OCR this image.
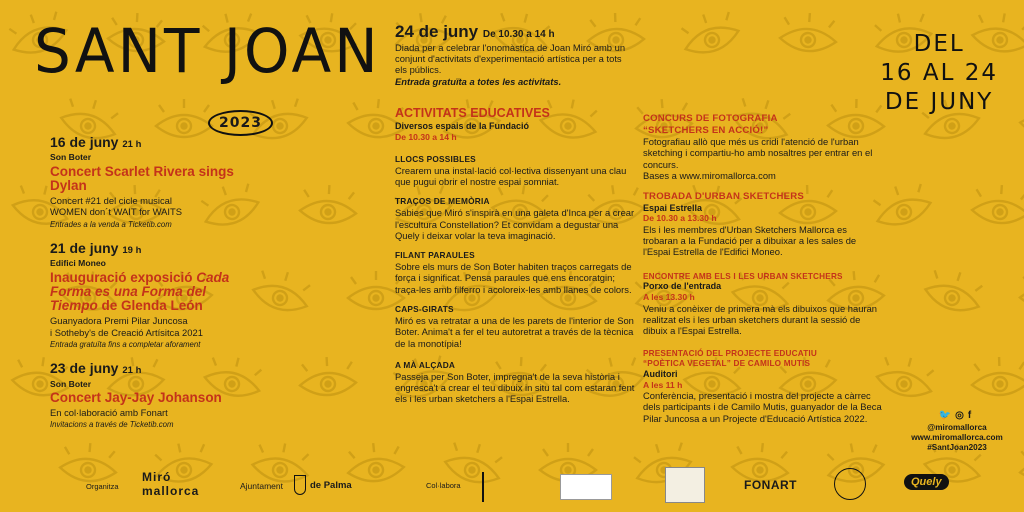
SANT JOAN
2023
DEL
16 AL 24
DE JUNY
16 de juny 21 h
Son Boter
Concert Scarlet Rivera sings Dylan

Concert #21 del cicle musical

WOMEN don´t WAIT for WAITS

Entrades a la venda a Ticketib.com
21 de juny 19 h
Edifici Moneo
Inauguració exposició Cada Forma es una Forma del Tiempo de Glenda León

Guanyadora Premi Pilar Juncosa

i Sotheby's de Creació Artísitca 2021

Entrada gratuïta fins a completar aforament
23 de juny 21 h
Son Boter
Concert Jay-Jay Johanson

En col·laboració amb Fonart

Invitacions a través de Ticketib.com
24 de juny De 10.30 a 14 h

Diada per a celebrar l'onomàstica de Joan Miró amb un conjunt d'activitats d'experimentació artística per a tots els públics.

Entrada gratuïta a totes les activitats.

ACTIVITATS EDUCATIVES
Diversos espais de la Fundació
De 10.30 a 14 h
LLOCS POSSIBLES

Crearem una instal·lació col·lectiva dissenyant una clau que pugui obrir el nostre espai somniat.

TRAÇOS DE MEMÒRIA

Sabies que Miró s'inspirà en una galeta d'Inca per a crear l'escultura Constellation? Et convidam a degustar una Quely i deixar volar la teva imaginació.

FILANT PARAULES

Sobre els murs de Son Boter habiten traços carregats de força i significat. Pensa paraules que ens encoratgin; traça-les amb filferro i acoloreix-les amb llanes de colors.

CAPS-GIRATS

Miró es va retratar a una de les parets de l'interior de Son Boter. Anima't a fer el teu autoretrat a través de la tècnica de la monotípia!

A MÀ ALÇADA

Passeja per Son Boter, impregna't de la seva història i engresca't a crear el teu dibuix in situ tal com estaran fent els i les urban sketchers a l'Espai Estrella.

CONCURS DE FOTOGRAFIA
“SKETCHERS EN ACCIÓ!”

Fotografiau allò que més us cridi l'atenció de l'urban sketching i compartiu-ho amb nosaltres per entrar en el concurs.

Bases a www.miromallorca.com

TROBADA D'URBAN SKETCHERS
Espai Estrella
De 10.30 a 13.30 h

Els i les membres d'Urban Sketchers Mallorca es trobaran a la Fundació per a dibuixar a les sales de l'Espai Estrella de l'Edifici Moneo.

ENCONTRE AMB ELS I LES URBAN SKETCHERS
Porxo de l'entrada
A les 13.30 h

Veniu a conèixer de primera mà els dibuixos que hauran realitzat els i les urban sketchers durant la sessió de dibuix a l'Espai Estrella.

PRESENTACIÓ DEL PROJECTE EDUCATIU
“POÈTICA VEGETAL” DE CAMILO MUTIS
Auditori
A les 11 h

Conferència, presentació i mostra del projecte a càrrec dels participants i de Camilo Mutis, guanyador de la Beca Pilar Juncosa a un Projecte d'Educació Artística 2022.	🐦◎f
@miromallorca
www.miromallorca.com
#SantJoan2023
Organitza
Miró mallorca	Ajuntament	de Palma	Col·labora	FONART	Quely
